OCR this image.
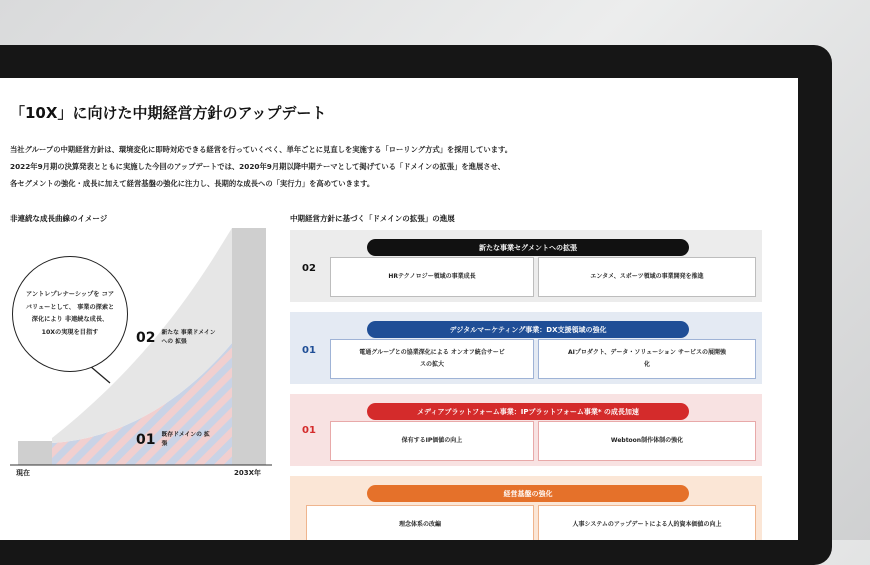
「10X」に向けた中期経営方針のアップデート
当社グループの中期経営方針は、環境変化に即時対応できる経営を行っていくべく、単年ごとに見直しを実施する「ローリング方式」を採用しています。
2022年9月期の決算発表とともに実施した今回のアップデートでは、2020年9月期以降中期テーマとして掲げている「ドメインの拡張」を進展させ、
各セグメントの強化・成長に加えて経営基盤の強化に注力し、長期的な成長への「実行力」を高めていきます。
非連続な成長曲線のイメージ	中期経営方針に基づく「ドメインの拡張」の進展
アントレプレナーシップを コアバリューとして、 事業の探索と深化により 非連続な成長、 10Xの実現を目指す	02 新たな 事業ドメインへの 拡張
01 既存ドメインの 拡張
現在	203X年
新たな事業セグメントへの拡張
02
HRテクノロジー領域の事業成長	エンタメ、スポーツ領域の事業開発を推進
デジタルマーケティング事業：DX支援領域の強化
01	電通グループとの協業深化による オンオフ統合サービスの拡大
AIプロダクト、データ・ソリューション サービスの展開強化
メディアプラットフォーム事業：IPプラットフォーム事業* の成長加速
01
保有するIP価値の向上	Webtoon制作体制の強化
経営基盤の強化
理念体系の改編	人事システムのアップデートによる人的資本価値の向上
